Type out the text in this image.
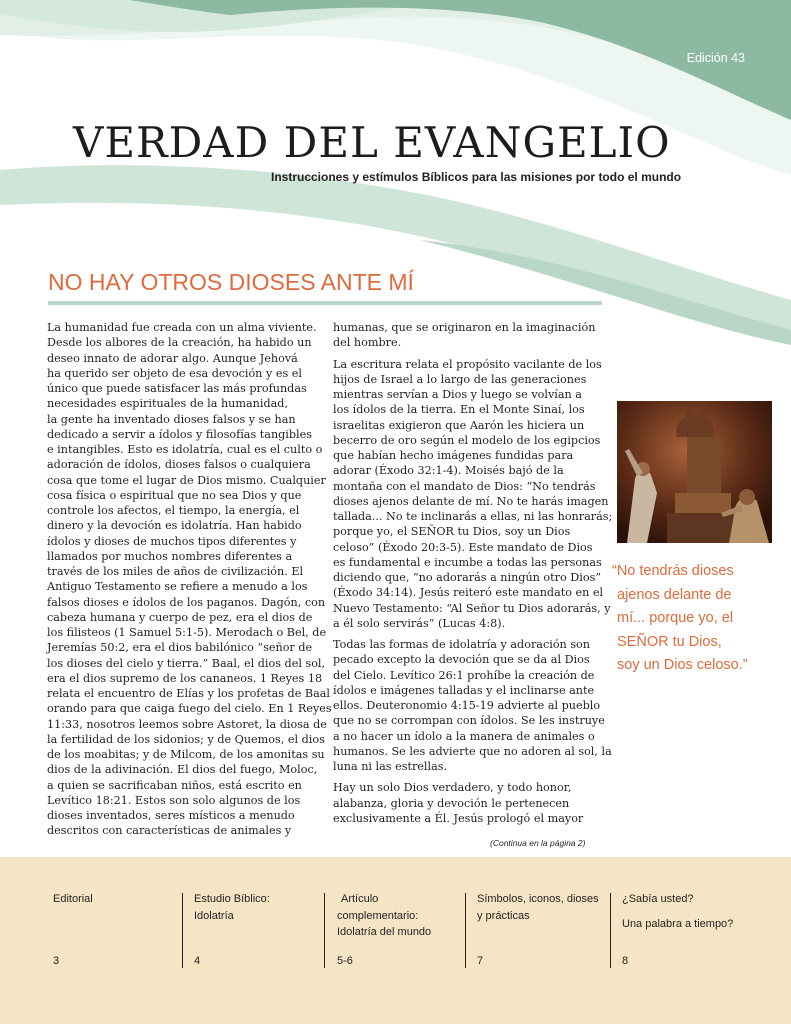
Edición 43
VERDAD DEL EVANGELIO
Instrucciones y estímulos Bíblicos para las misiones por todo el mundo
NO HAY OTROS DIOSES ANTE MÍ
La humanidad fue creada con un alma viviente.
Desde los albores de la creación, ha habido un
deseo innato de adorar algo. Aunque Jehová
ha querido ser objeto de esa devoción y es el
único que puede satisfacer las más profundas
necesidades espirituales de la humanidad,
la gente ha inventado dioses falsos y se han
dedicado a servir a ídolos y filosofías tangibles
e intangibles. Esto es idolatría, cual es el culto o
adoración de ídolos, dioses falsos o cualquiera
cosa que tome el lugar de Dios mismo. Cualquier
cosa física o espiritual que no sea Dios y que
controle los afectos, el tiempo, la energía, el
dinero y la devoción es idolatría. Han habido
ídolos y dioses de muchos tipos diferentes y
llamados por muchos nombres diferentes a
través de los miles de años de civilización. El
Antiguo Testamento se refiere a menudo a los
falsos dioses e ídolos de los paganos. Dagón, con
cabeza humana y cuerpo de pez, era el dios de
los filisteos (1 Samuel 5:1-5). Merodach o Bel, de
Jeremías 50:2, era el dios babilónico “señor de
los dioses del cielo y tierra.” Baal, el dios del sol,
era el dios supremo de los cananeos. 1 Reyes 18
relata el encuentro de Elías y los profetas de Baal
orando para que caiga fuego del cielo. En 1 Reyes
11:33, nosotros leemos sobre Astoret, la diosa de
la fertilidad de los sidonios; y de Quemos, el dios
de los moabitas; y de Milcom, de los amonitas su
dios de la adivinación. El dios del fuego, Moloc,
a quien se sacrificaban niños, está escrito en
Levítico 18:21. Estos son solo algunos de los
dioses inventados, seres místicos a menudo
descritos con características de animales y
humanas, que se originaron en la imaginación
del hombre.
La escritura relata el propósito vacilante de los
hijos de Israel a lo largo de las generaciones
mientras servían a Dios y luego se volvían a
los ídolos de la tierra. En el Monte Sinaí, los
israelitas exigieron que Aarón les hiciera un
becerro de oro según el modelo de los egipcios
que habían hecho imágenes fundidas para
adorar (Éxodo 32:1-4). Moisés bajó de la
montaña con el mandato de Dios: “No tendrás
dioses ajenos delante de mí. No te harás imagen
tallada... No te inclinarás a ellas, ni las honrarás;
porque yo, el SEÑOR tu Dios, soy un Dios
celoso” (Éxodo 20:3-5). Este mandato de Dios
es fundamental e incumbe a todas las personas
diciendo que, “no adorarás a ningún otro Dios”
(Éxodo 34:14). Jesús reiteró este mandato en el
Nuevo Testamento: “Al Señor tu Dios adorarás, y
a él solo servirás” (Lucas 4:8).
Todas las formas de idolatría y adoración son
pecado excepto la devoción que se da al Dios
del Cielo. Levítico 26:1 prohíbe la creación de
ídolos e imágenes talladas y el inclinarse ante
ellos. Deuteronomio 4:15-19 advierte al pueblo
que no se corrompan con ídolos. Se les instruye
a no hacer un ídolo a la manera de animales o
humanos. Se les advierte que no adoren al sol, la
luna ni las estrellas.
Hay un solo Dios verdadero, y todo honor,
alabanza, gloria y devoción le pertenecen
exclusivamente a Él. Jesús prologó el mayor
(Continua en la página 2)
“No tendrás dioses
ajenos delante de
mí... porque yo, el
SEÑOR tu Dios,
soy un Dios celoso.”
Editorial
3
Estudio Bíblico:
Idolatría
4
Artículo
complementario:
Idolatría del mundo
5-6
Símbolos, iconos, dioses
y prácticas
7
¿Sabía usted?
Una palabra a tiempo?
8
